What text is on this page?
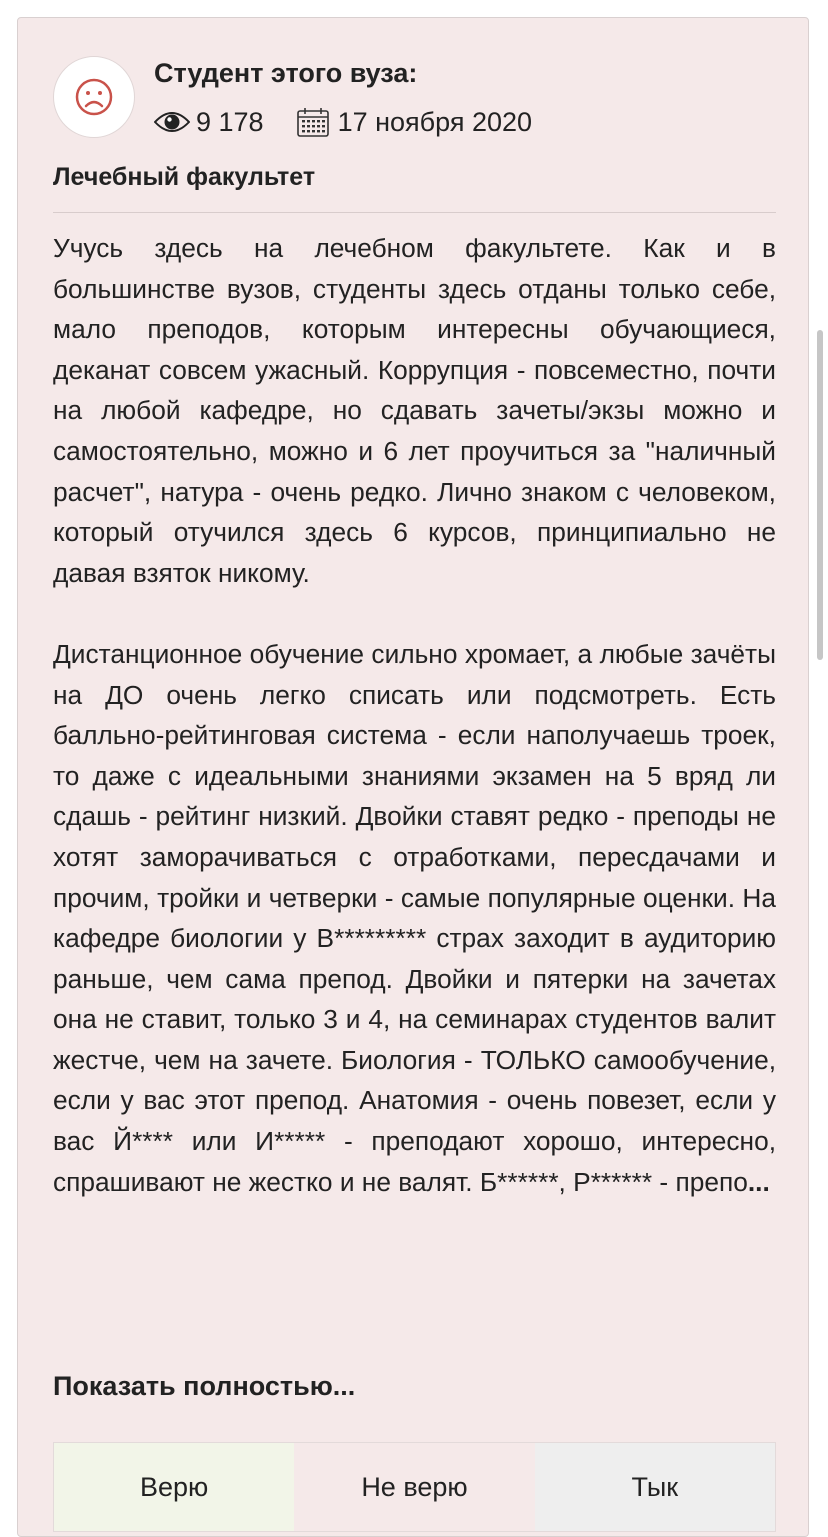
Студент этого вуза:
9 178	17 ноября 2020
Лечебный факультет

Учусь здесь на лечебном факультете. Как и в большинстве вузов, студенты здесь отданы только себе, мало преподов, которым интересны обучающиеся, деканат совсем ужасный. Коррупция - повсеместно, почти на любой кафедре, но сдавать зачеты/экзы можно и самостоятельно, можно и 6 лет проучиться за "наличный расчет", натура - очень редко. Лично знаком с человеком, который отучился здесь 6 курсов, принципиально не давая взяток никому.

Дистанционное обучение сильно хромает, а любые зачёты на ДО очень легко списать или подсмотреть. Есть балльно-рейтинговая система - если наполучаешь троек, то даже с идеальными знаниями экзамен на 5 вряд ли сдашь - рейтинг низкий. Двойки ставят редко - преподы не хотят заморачиваться с отработками, пересдачами и прочим, тройки и четверки - самые популярные оценки. На кафедре биологии у В********* страх заходит в аудиторию раньше, чем сама препод. Двойки и пятерки на зачетах она не ставит, только 3 и 4, на семинарах студентов валит жестче, чем на зачете. Биология - ТОЛЬКО самообучение, если у вас этот препод. Анатомия - очень повезет, если у вас Й**** или И***** - преподают хорошо, интересно, спрашивают не жестко и не валят. Б******, Р****** - препо...

Показать полностью...
Верю	Не верю	Тык
